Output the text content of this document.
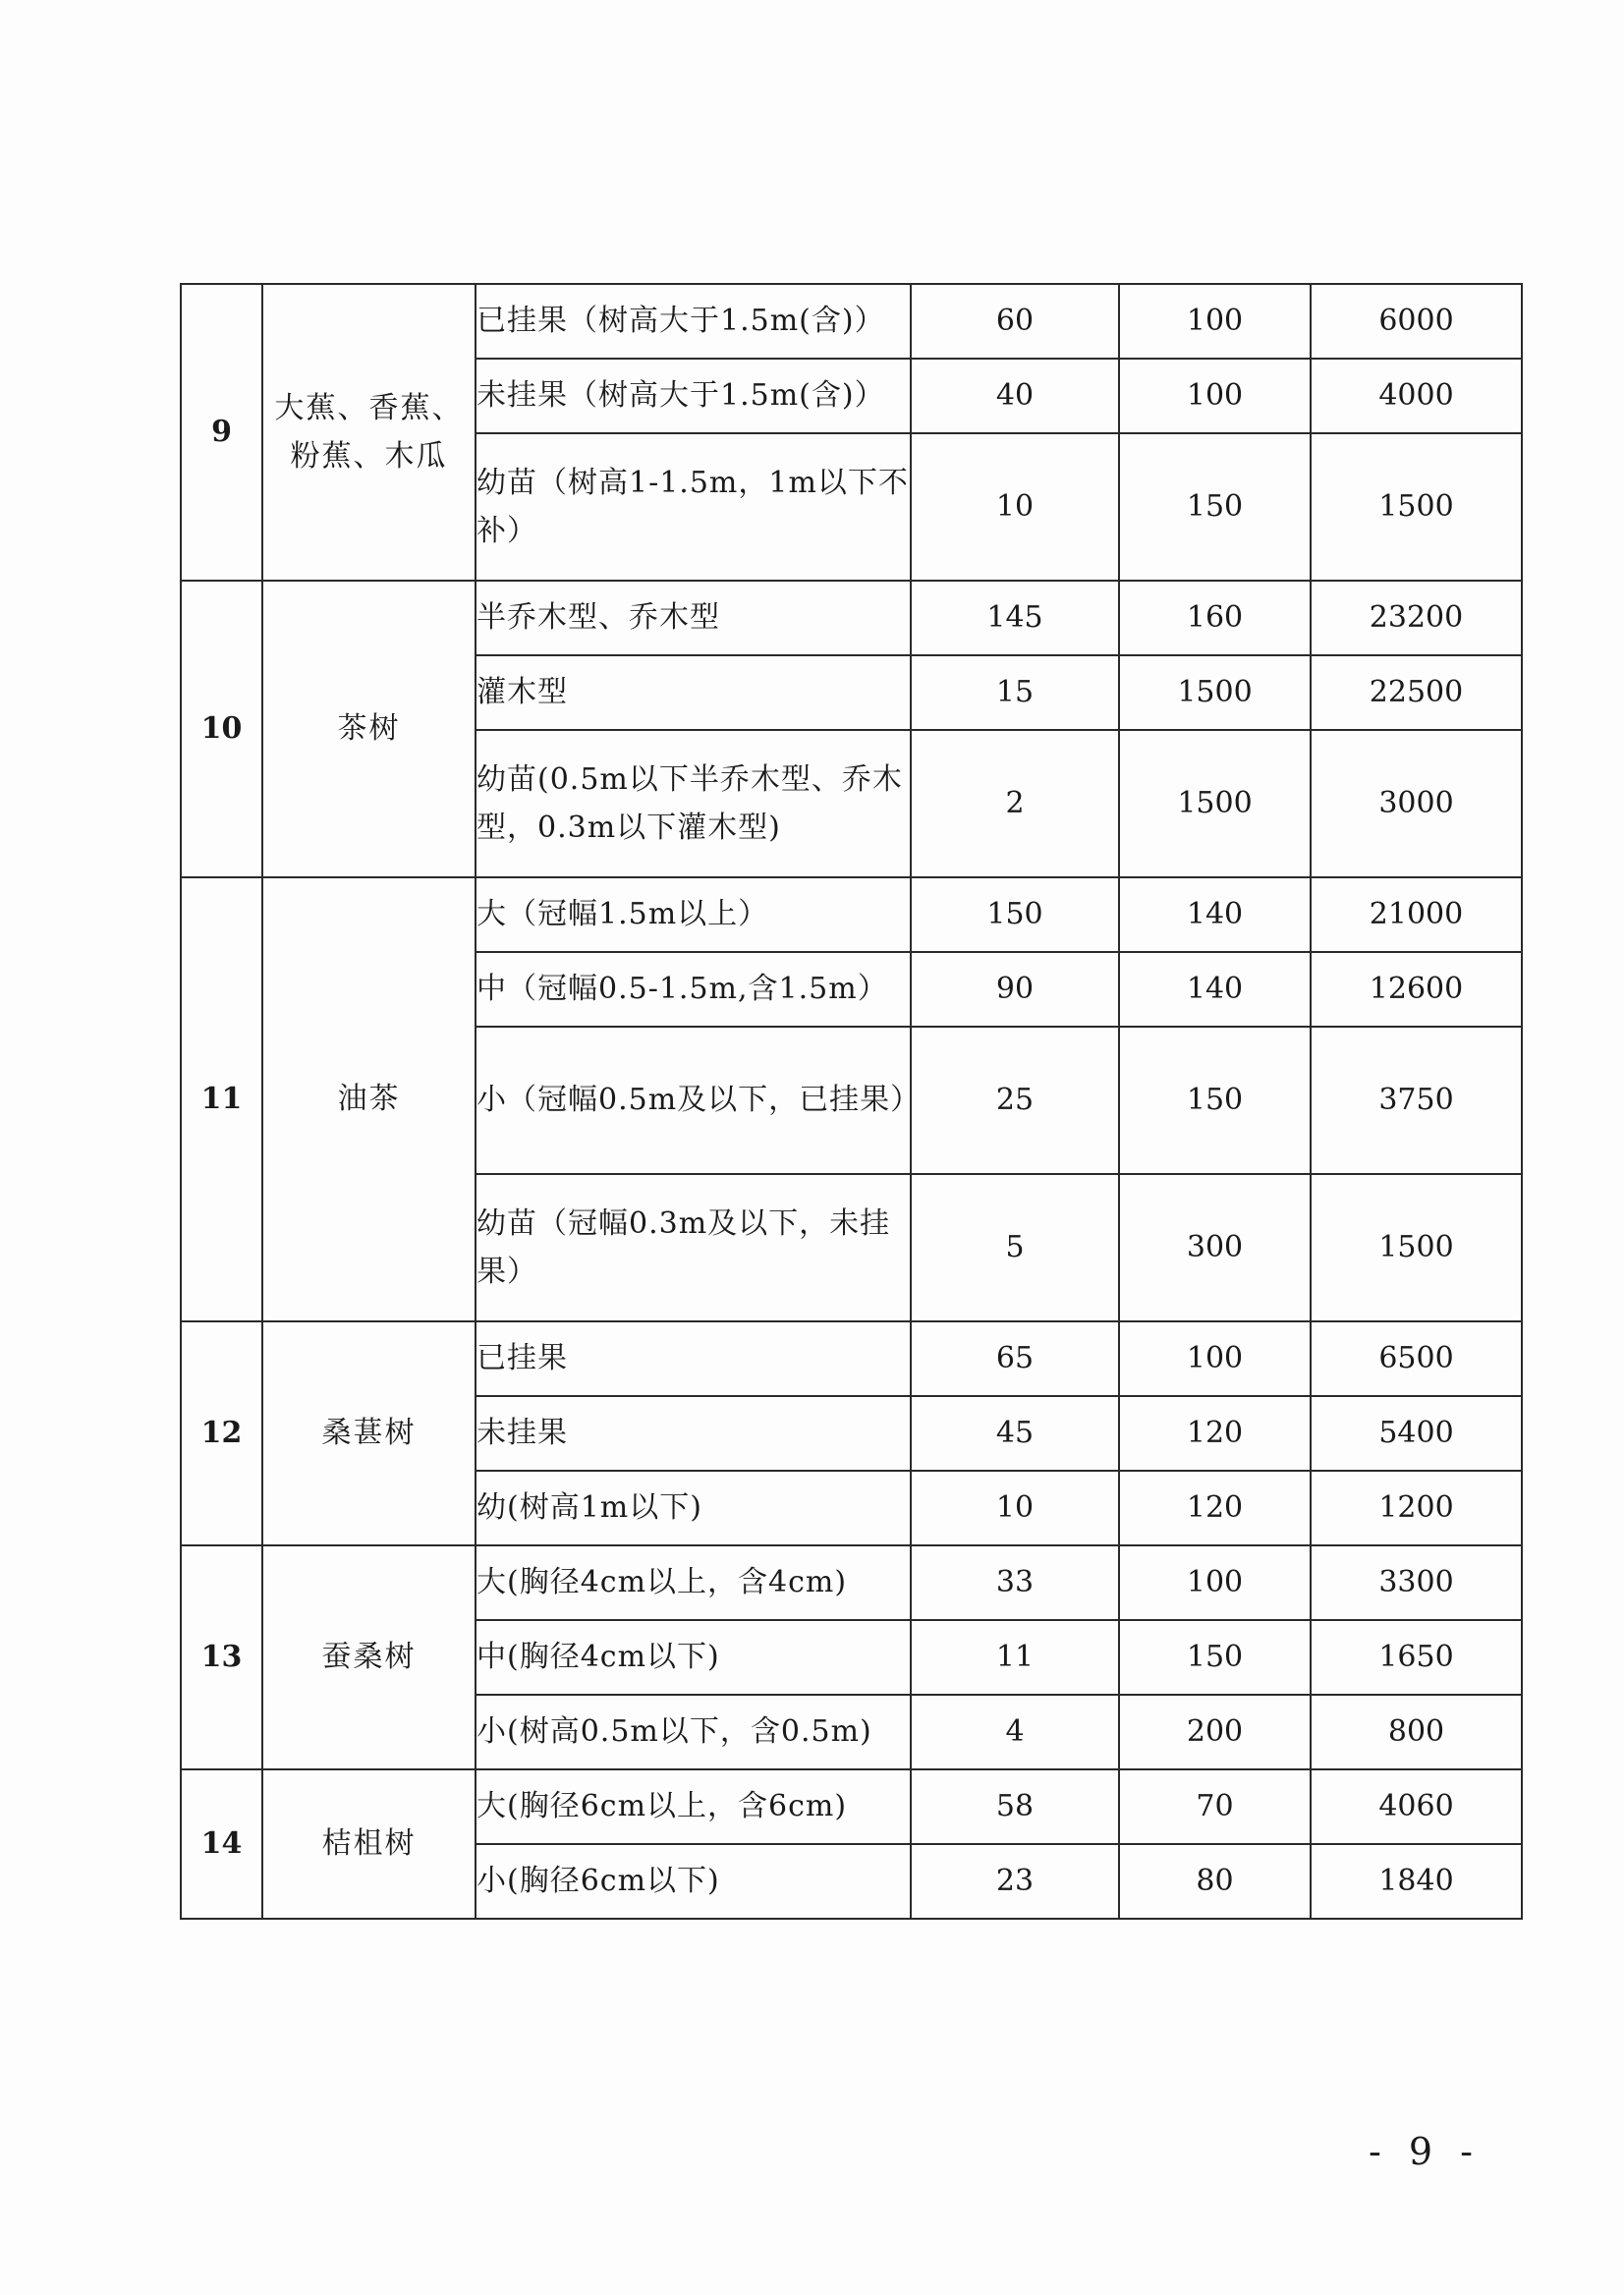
9	大蕉、香蕉、粉蕉、木瓜	已挂果（树高大于1.5m(含)）	60	100	6000
		未挂果（树高大于1.5m(含)）	40	100	4000
		幼苗（树高1-1.5m，1m以下不补）	10	150	1500
10	茶树	半乔木型、乔木型	145	160	23200
		灌木型	15	1500	22500
		幼苗(0.5m以下半乔木型、乔木型，0.3m以下灌木型)	2	1500	3000
11	油茶	大（冠幅1.5m以上）	150	140	21000
		中（冠幅0.5-1.5m,含1.5m）	90	140	12600
		小（冠幅0.5m及以下，已挂果）	25	150	3750
		幼苗（冠幅0.3m及以下，未挂果）	5	300	1500
12	桑葚树	已挂果	65	100	6500
		未挂果	45	120	5400
		幼(树高1m以下)	10	120	1200
13	蚕桑树	大(胸径4cm以上，含4cm)	33	100	3300
		中(胸径4cm以下)	11	150	1650
		小(树高0.5m以下，含0.5m)	4	200	800
14	桔柤树	大(胸径6cm以上，含6cm)	58	70	4060
		小(胸径6cm以下)	23	80	1840
- 9 -
